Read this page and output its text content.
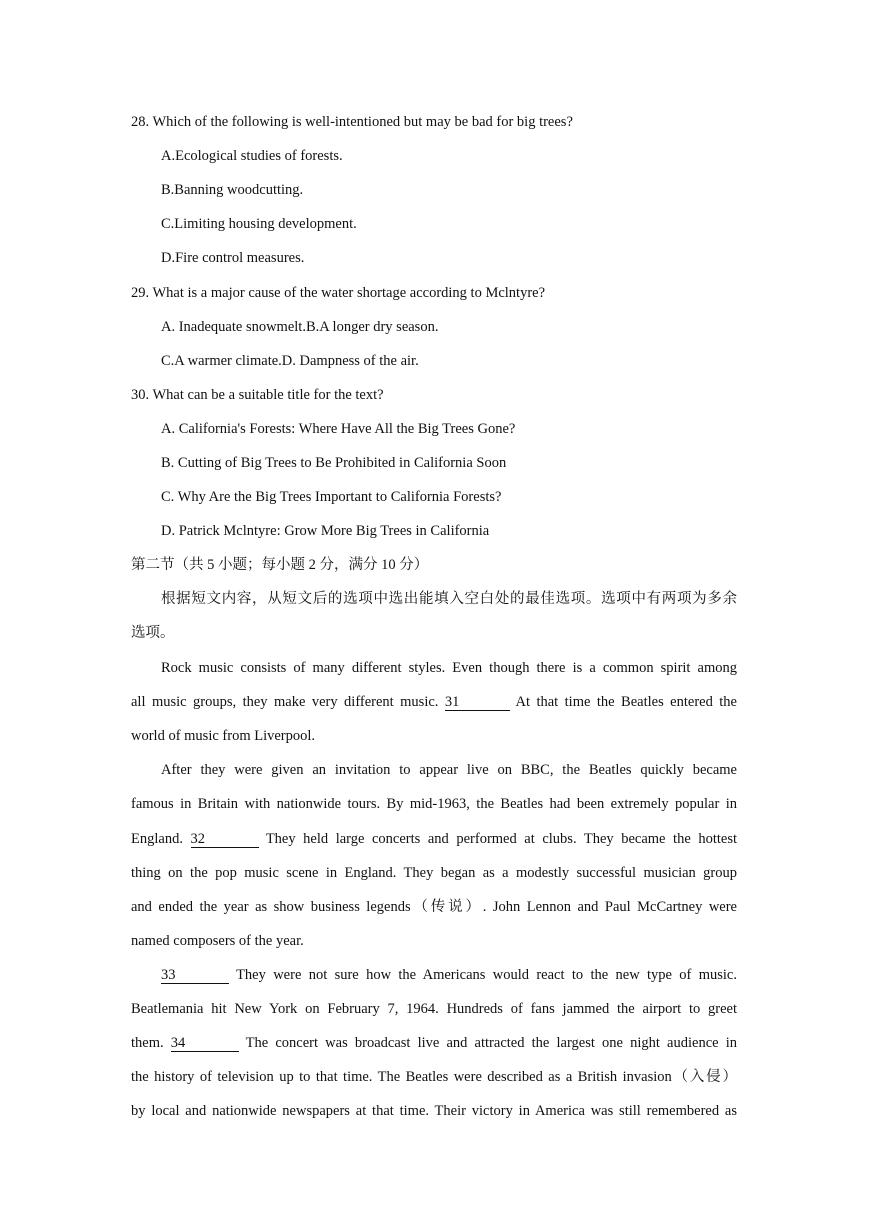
28. Which of the following is well-intentioned but may be bad for big trees?
A.Ecological studies of forests.
B.Banning woodcutting.
C.Limiting housing development.
D.Fire control measures.
29. What is a major cause of the water shortage according to Mclntyre?
A. Inadequate snowmelt.B.A longer dry season.
C.A warmer climate.D. Dampness of the air.
30. What can be a suitable title for the text?
A. California's Forests: Where Have All the Big Trees Gone?
B. Cutting of Big Trees to Be Prohibited in California Soon
C. Why Are the Big Trees Important to California Forests?
D. Patrick Mclntyre: Grow More Big Trees in California
第二节（共 5 小题；每小题 2 分，满分 10 分）
根据短文内容，从短文后的选项中选出能填入空白处的最佳选项。选项中有两项为多余
选项。
Rock music consists of many different styles. Even though there is a common spirit among
all music groups, they make very different music. 31	At that time the Beatles entered the
world of music from Liverpool.
After they were given an invitation to appear live on BBC, the Beatles quickly became
famous in Britain with nationwide tours. By mid-1963, the Beatles had been extremely popular in
England. 32	They held large concerts and performed at clubs. They became the hottest
thing on the pop music scene in England. They began as a modestly successful musician group
and ended the year as show business legends（传说）. John Lennon and Paul McCartney were
named composers of the year.
33	They were not sure how the Americans would react to the new type of music.
Beatlemania hit New York on February 7, 1964. Hundreds of fans jammed the airport to greet
them. 34	The concert was broadcast live and attracted the largest one night audience in
the history of television up to that time. The Beatles were described as a British invasion（入侵）
by local and nationwide newspapers at that time. Their victory in America was still remembered as
